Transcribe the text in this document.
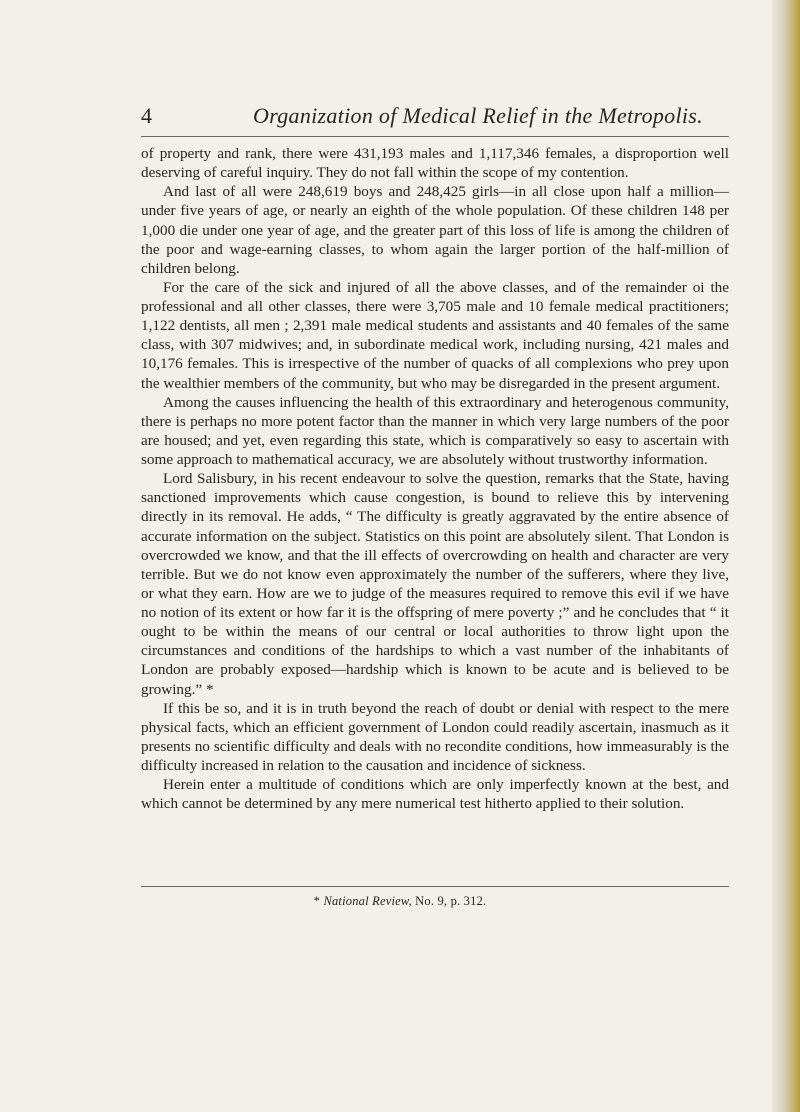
4	Organization of Medical Relief in the Metropolis.

of property and rank, there were 431,193 males and 1,117,346 females, a disproportion well deserving of careful inquiry. They do not fall within the scope of my contention.

And last of all were 248,619 boys and 248,425 girls—in all close upon half a million— under five years of age, or nearly an eighth of the whole population. Of these children 148 per 1,000 die under one year of age, and the greater part of this loss of life is among the children of the poor and wage-earning classes, to whom again the larger portion of the half-million of children belong.

For the care of the sick and injured of all the above classes, and of the remainder oi the professional and all other classes, there were 3,705 male and 10 female medical practitioners; 1,122 dentists, all men ; 2,391 male medical students and assistants and 40 females of the same class, with 307 midwives; and, in subordinate medical work, including nursing, 421 males and 10,176 females. This is irrespective of the number of quacks of all complexions who prey upon the wealthier members of the community, but who may be disregarded in the present argument.

Among the causes influencing the health of this extraordinary and heterogenous community, there is perhaps no more potent factor than the manner in which very large numbers of the poor are housed; and yet, even regarding this state, which is comparatively so easy to ascertain with some approach to mathematical accuracy, we are absolutely without trustworthy information.

Lord Salisbury, in his recent endeavour to solve the question, remarks that the State, having sanctioned improvements which cause congestion, is bound to relieve this by intervening directly in its removal. He adds, “ The difficulty is greatly aggravated by the entire absence of accurate information on the subject. Statistics on this point are absolutely silent. That London is overcrowded we know, and that the ill effects of overcrowding on health and character are very terrible. But we do not know even approximately the number of the sufferers, where they live, or what they earn. How are we to judge of the measures required to remove this evil if we have no notion of its extent or how far it is the offspring of mere poverty ;” and he concludes that “ it ought to be within the means of our central or local authorities to throw light upon the circumstances and conditions of the hardships to which a vast number of the inhabitants of London are probably exposed—hardship which is known to be acute and is believed to be growing.” *

If this be so, and it is in truth beyond the reach of doubt or denial with respect to the mere physical facts, which an efficient government of London could readily ascertain, inasmuch as it presents no scientific difficulty and deals with no recondite conditions, how immeasurably is the difficulty increased in relation to the causation and incidence of sickness.

Herein enter a multitude of conditions which are only imperfectly known at the best, and which cannot be determined by any mere numerical test hitherto applied to their solution.

* National Review, No. 9, p. 312.
